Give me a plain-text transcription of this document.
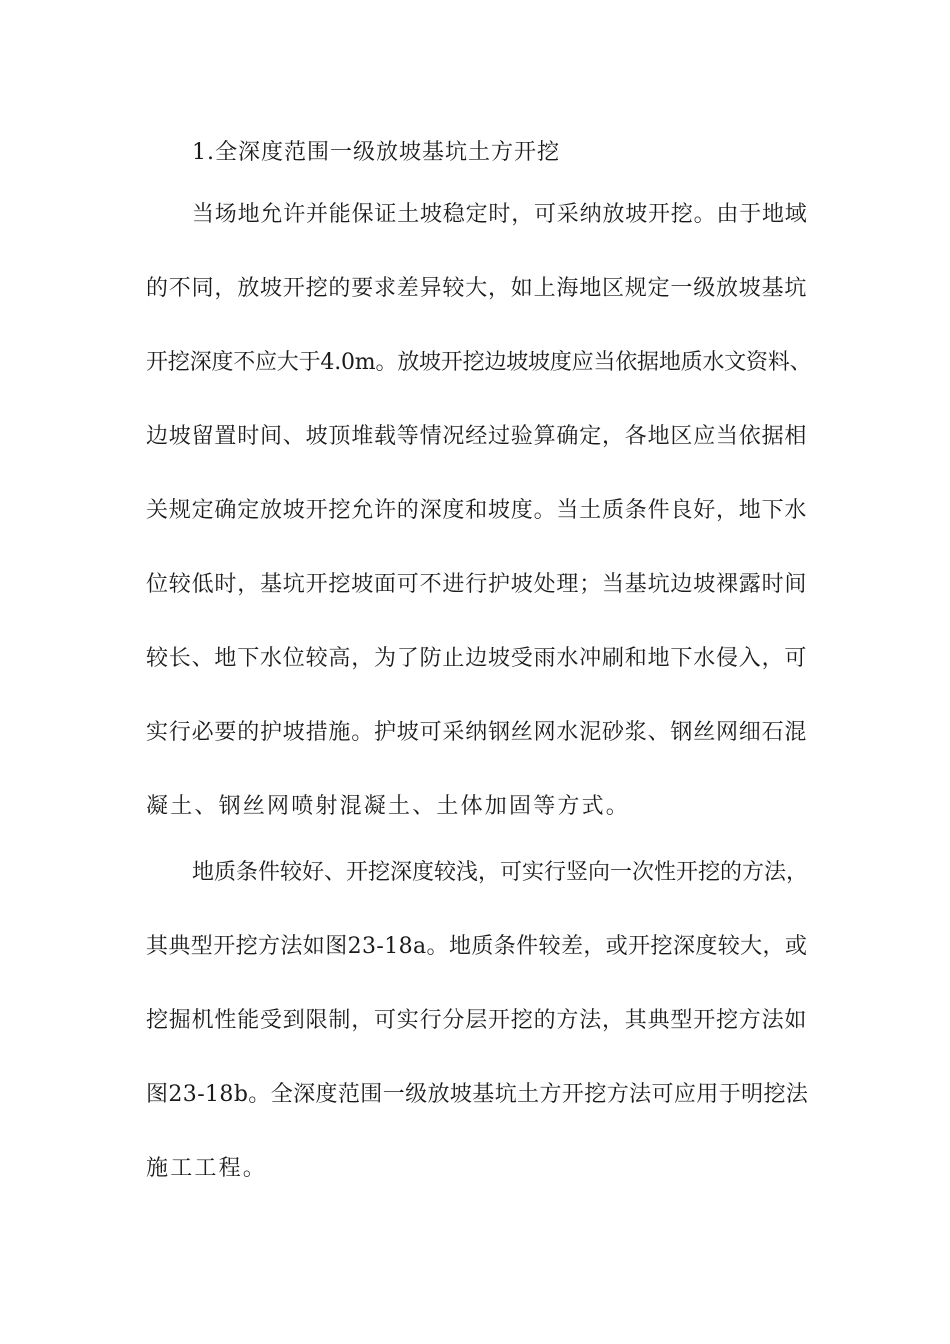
1.全深度范围一级放坡基坑土方开挖
当场地允许并能保证土坡稳定时，可采纳放坡开挖。由于地域
的不同，放坡开挖的要求差异较大，如上海地区规定一级放坡基坑
开挖深度不应大于4.0m。放坡开挖边坡坡度应当依据地质水文资料、
边坡留置时间、坡顶堆载等情况经过验算确定，各地区应当依据相
关规定确定放坡开挖允许的深度和坡度。当土质条件良好，地下水
位较低时，基坑开挖坡面可不进行护坡处理；当基坑边坡裸露时间
较长、地下水位较高，为了防止边坡受雨水冲刷和地下水侵入，可
实行必要的护坡措施。护坡可采纳钢丝网水泥砂浆、钢丝网细石混
凝土、钢丝网喷射混凝土、土体加固等方式。
地质条件较好、开挖深度较浅，可实行竖向一次性开挖的方法，
其典型开挖方法如图23-18a。地质条件较差，或开挖深度较大，或
挖掘机性能受到限制，可实行分层开挖的方法，其典型开挖方法如
图23-18b。全深度范围一级放坡基坑土方开挖方法可应用于明挖法
施工工程。
